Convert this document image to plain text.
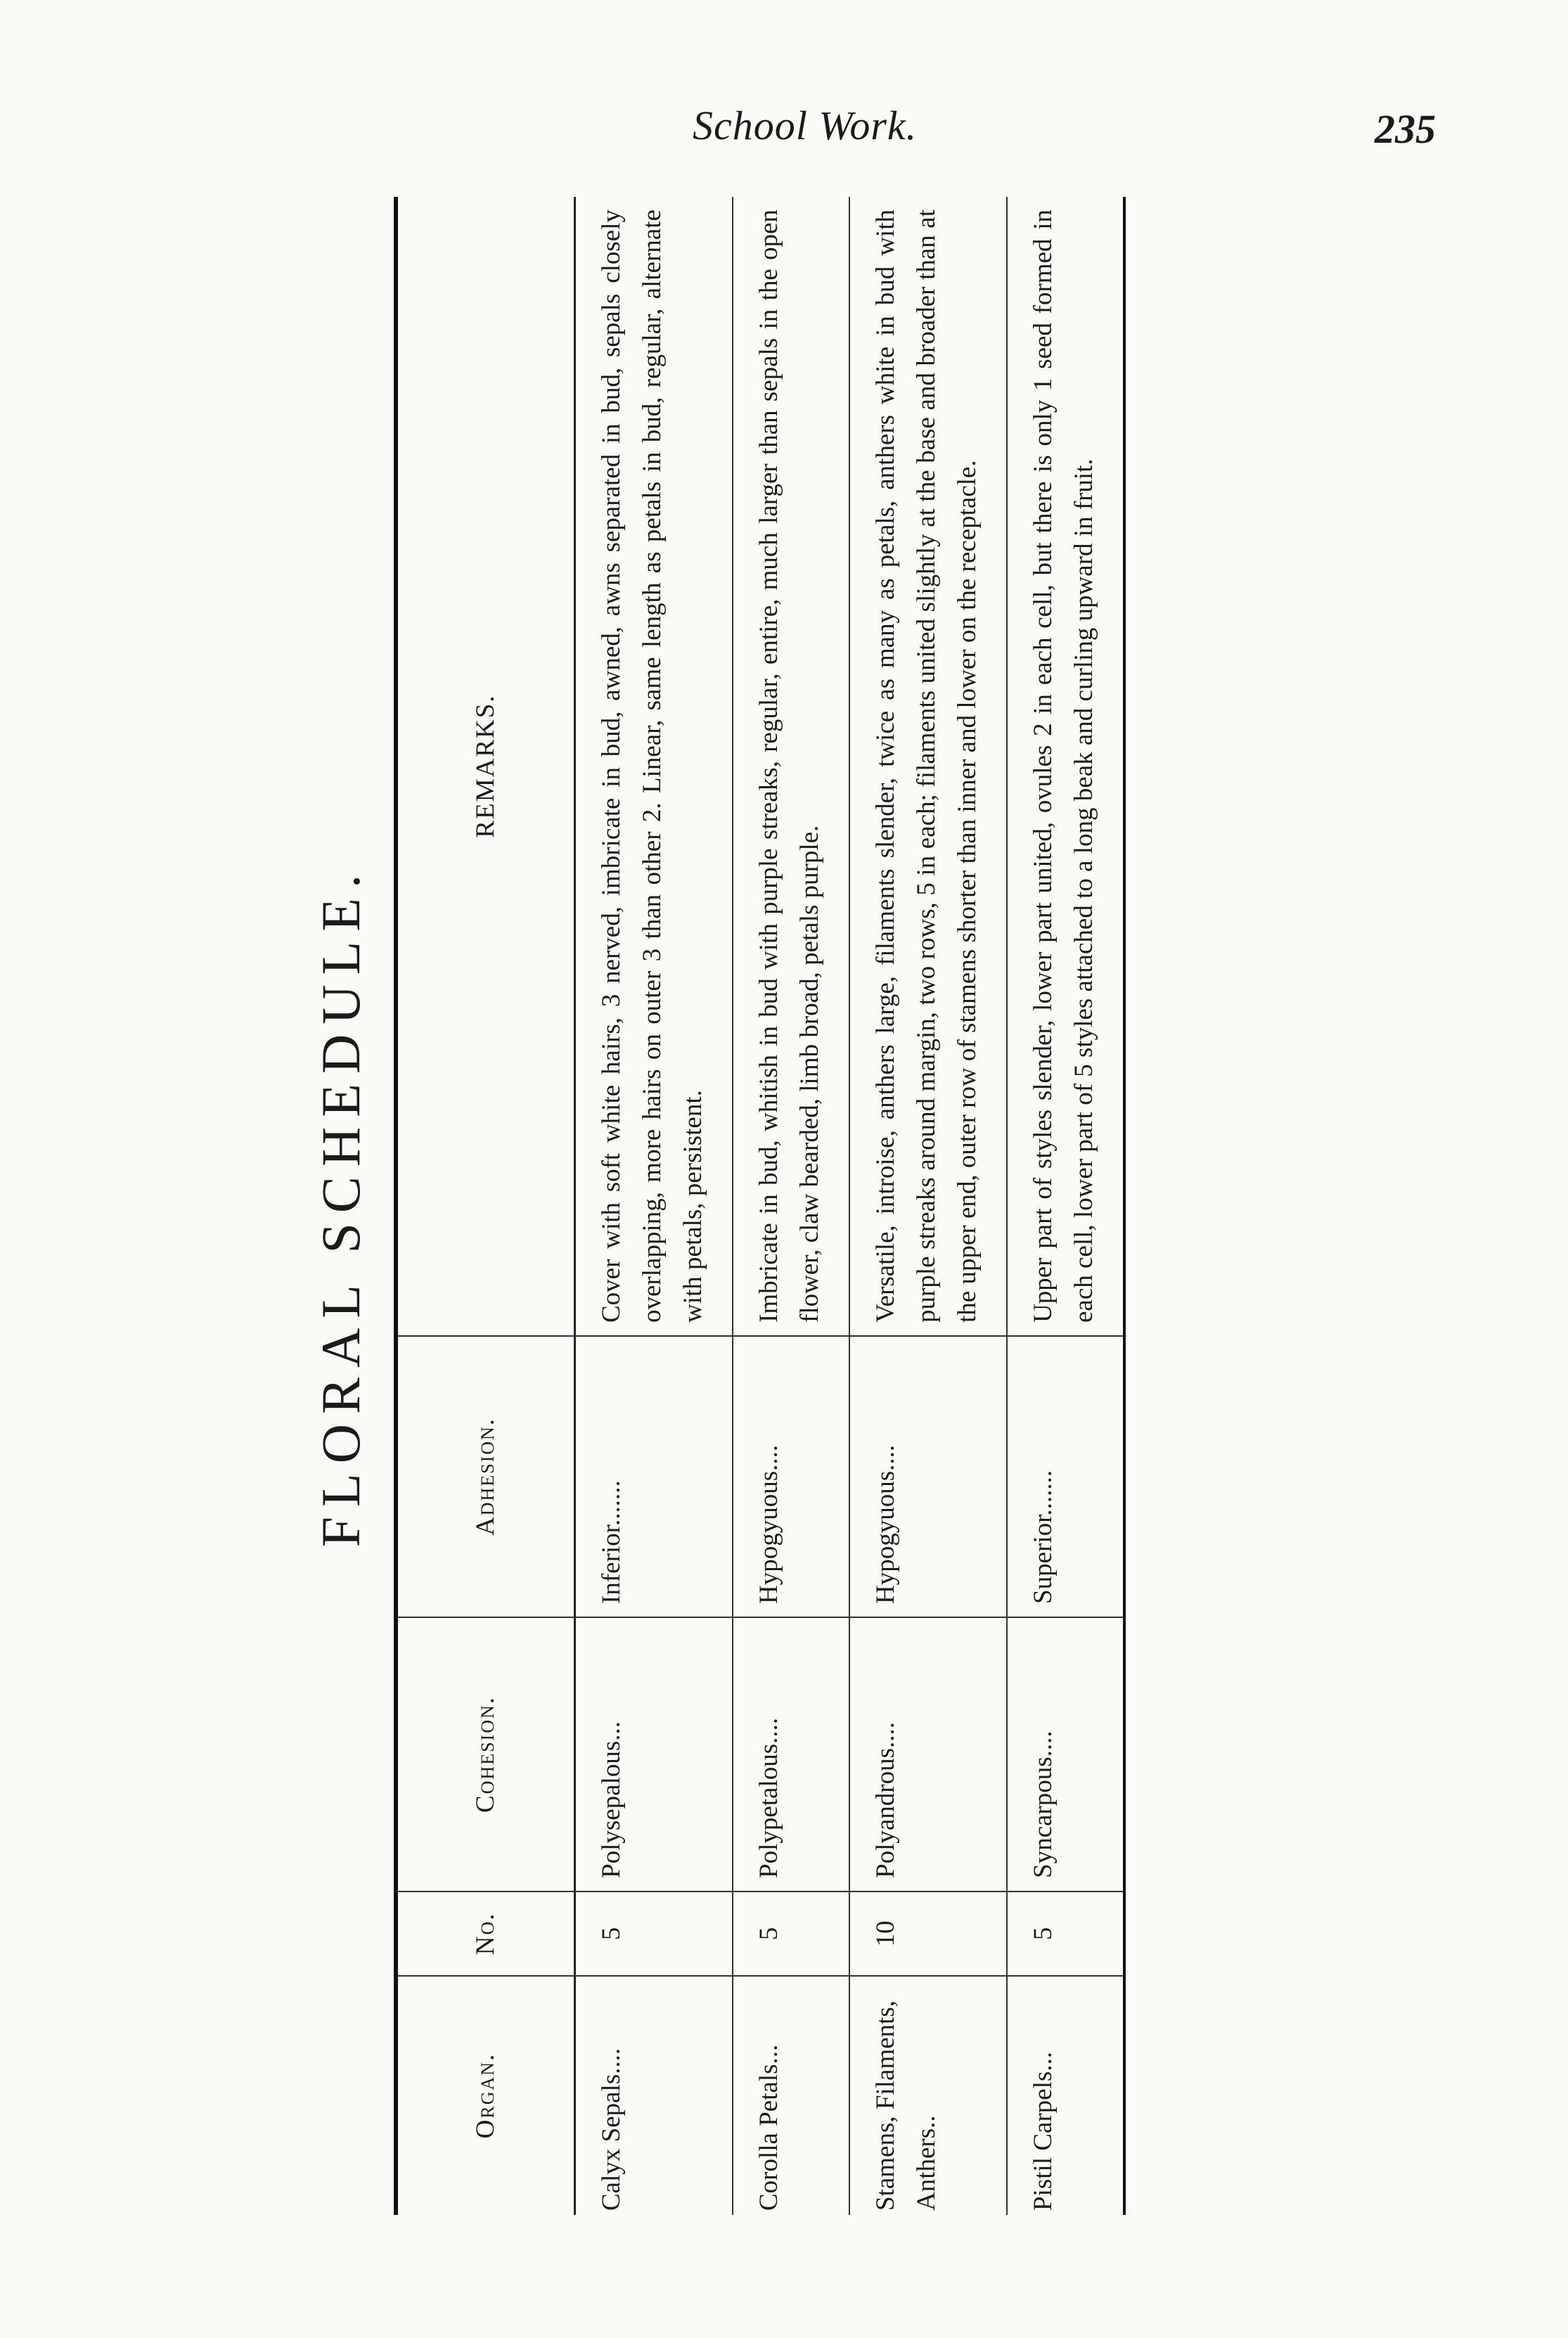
School Work.	235
FLORAL SCHEDULE.
Organ.	No.	Cohesion.	Adhesion.	REMARKS.
Calyx Sepals....	5	Polysepalous...	Inferior.......	Cover with soft white hairs, 3 nerved, imbricate in bud, awned, awns separated in bud, sepals closely overlapping, more hairs on outer 3 than other 2. Linear, same length as petals in bud, regular, alternate with petals, persistent.
Corolla Petals...	5	Polypetalous....	Hypogyuous....	Imbricate in bud, whitish in bud with purple streaks, regular, entire, much larger than sepals in the open flower, claw bearded, limb broad, petals purple.
Stamens, Filaments, Anthers..	10	Polyandrous....	Hypogyuous....	Versatile, introise, anthers large, filaments slender, twice as many as petals, anthers white in bud with purple streaks around margin, two rows, 5 in each; filaments united slightly at the base and broader than at the upper end, outer row of stamens shorter than inner and lower on the receptacle.
Pistil Carpels...	5	Syncarpous....	Superior.......	Upper part of styles slender, lower part united, ovules 2 in each cell, but there is only 1 seed formed in each cell, lower part of 5 styles attached to a long beak and curling upward in fruit.
